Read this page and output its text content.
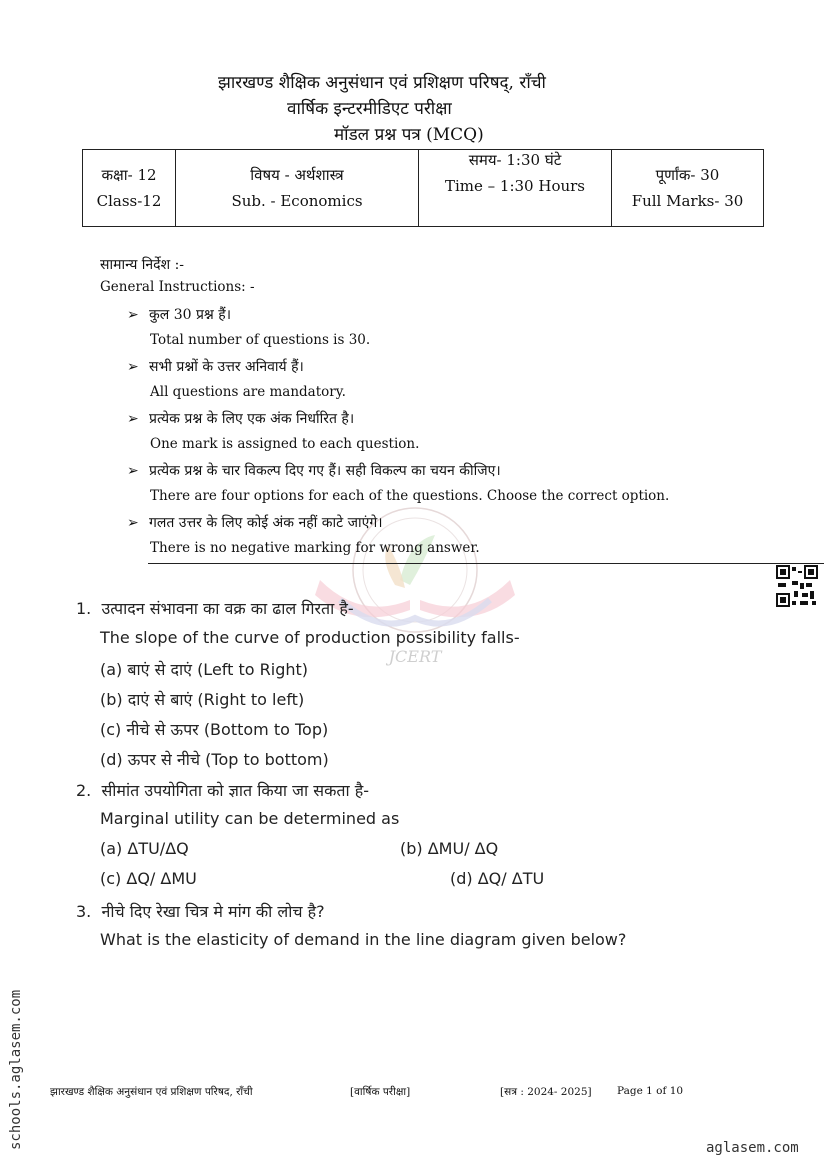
झारखण्ड शैक्षिक अनुसंधान एवं प्रशिक्षण परिषद्, राँची
वार्षिक इन्टरमीडिएट परीक्षा
मॉडल प्रश्न पत्र (MCQ)
कक्षा- 12
Class-12

विषय - अर्थशास्त्र
Sub. - Economics

समय- 1:30 घंटे
Time – 1:30 Hours

पूर्णांक- 30
Full Marks- 30
JCERT
सामान्य निर्देश :-
General Instructions: -
➢ कुल 30 प्रश्न हैं।
Total number of questions is 30.
➢ सभी प्रश्नों के उत्तर अनिवार्य हैं।
All questions are mandatory.
➢ प्रत्येक प्रश्न के लिए एक अंक निर्धारित है।
One mark is assigned to each question.
➢ प्रत्येक प्रश्न के चार विकल्प दिए गए हैं। सही विकल्प का चयन कीजिए।
There are four options for each of the questions. Choose the correct option.
➢ गलत उत्तर के लिए कोई अंक नहीं काटे जाएंगे।
There is no negative marking for wrong answer.
1. उत्पादन संभावना का वक्र का ढाल गिरता है-
The slope of the curve of production possibility falls-
(a) बाएं से दाएं (Left to Right)
(b) दाएं से बाएं (Right to left)
(c) नीचे से ऊपर (Bottom to Top)
(d) ऊपर से नीचे (Top to bottom)
2. सीमांत उपयोगिता को ज्ञात किया जा सकता है-
Marginal utility can be determined as
(a) ΔTU/ΔQ	(b) ΔMU/ ΔQ
(c) ΔQ/ ΔMU	(d) ΔQ/ ΔTU
3. नीचे दिए रेखा चित्र मे मांग की लोच है?
What is the elasticity of demand in the line diagram given below?
झारखण्ड शैक्षिक अनुसंधान एवं प्रशिक्षण परिषद, राँची	[वार्षिक परीक्षा]	[सत्र : 2024- 2025] Page 1 of 10
schools.aglasem.com	aglasem.com
